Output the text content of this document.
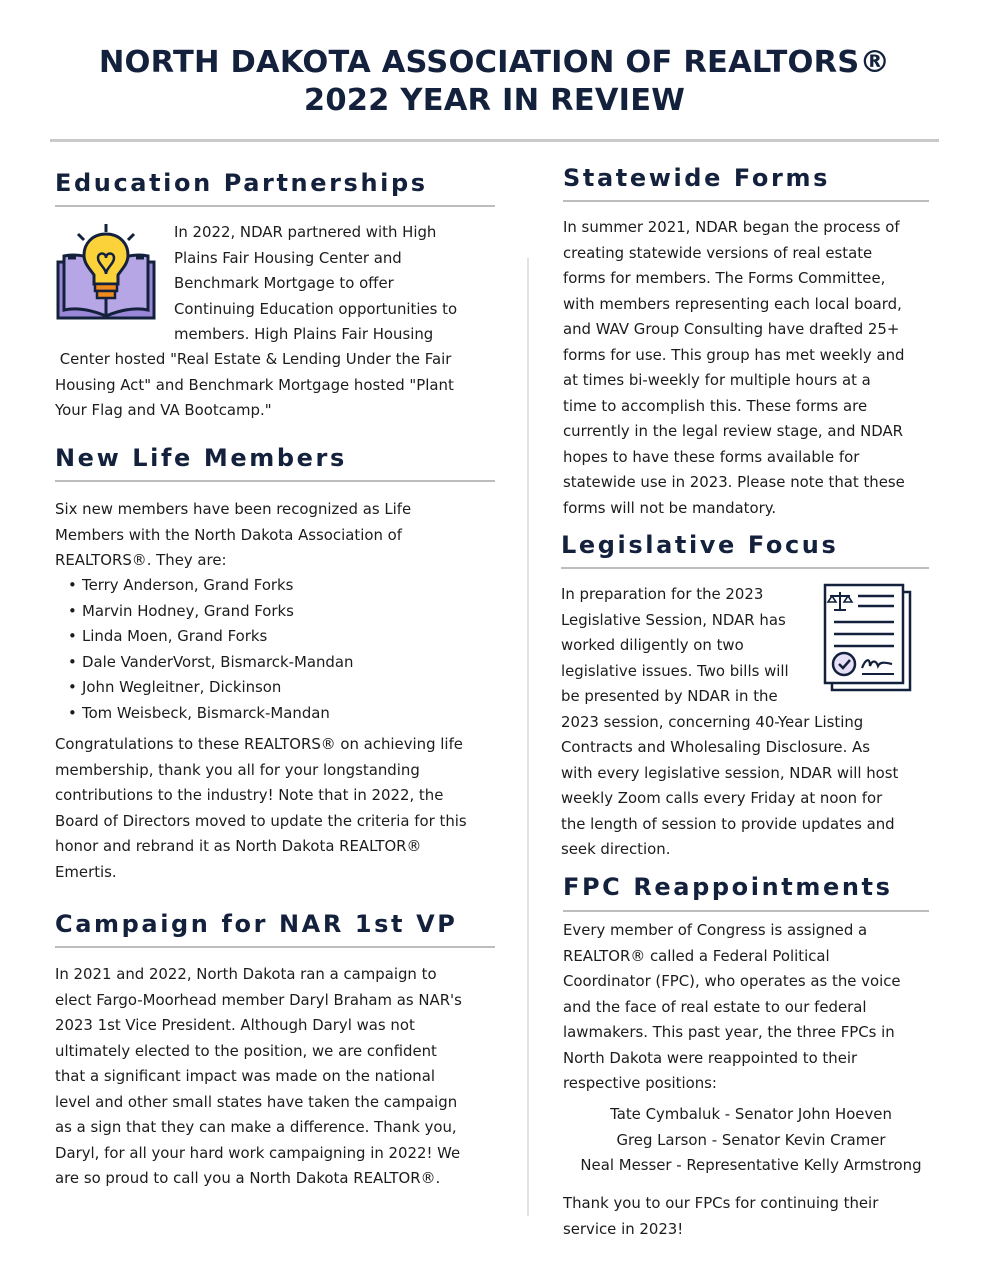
NORTH DAKOTA ASSOCIATION OF REALTORS®
2022 YEAR IN REVIEW
Education Partnerships
In 2022, NDAR partnered with High
Plains Fair Housing Center and
Benchmark Mortgage to offer
Continuing Education opportunities to
members. High Plains Fair Housing
Center hosted "Real Estate & Lending Under the Fair
Housing Act" and Benchmark Mortgage hosted "Plant
Your Flag and VA Bootcamp."
New Life Members
Six new members have been recognized as Life
Members with the North Dakota Association of
REALTORS®. They are:
• Terry Anderson, Grand Forks
• Marvin Hodney, Grand Forks
• Linda Moen, Grand Forks
• Dale VanderVorst, Bismarck-Mandan
• John Wegleitner, Dickinson
• Tom Weisbeck, Bismarck-Mandan
Congratulations to these REALTORS® on achieving life
membership, thank you all for your longstanding
contributions to the industry! Note that in 2022, the
Board of Directors moved to update the criteria for this
honor and rebrand it as North Dakota REALTOR®
Emertis.
Campaign for NAR 1st VP
In 2021 and 2022, North Dakota ran a campaign to
elect Fargo-Moorhead member Daryl Braham as NAR's
2023 1st Vice President. Although Daryl was not
ultimately elected to the position, we are confident
that a significant impact was made on the national
level and other small states have taken the campaign
as a sign that they can make a difference. Thank you,
Daryl, for all your hard work campaigning in 2022! We
are so proud to call you a North Dakota REALTOR®.
Statewide Forms
In summer 2021, NDAR began the process of
creating statewide versions of real estate
forms for members. The Forms Committee,
with members representing each local board,
and WAV Group Consulting have drafted 25+
forms for use. This group has met weekly and
at times bi-weekly for multiple hours at a
time to accomplish this. These forms are
currently in the legal review stage, and NDAR
hopes to have these forms available for
statewide use in 2023. Please note that these
forms will not be mandatory.
Legislative Focus
In preparation for the 2023
Legislative Session, NDAR has
worked diligently on two
legislative issues. Two bills will
be presented by NDAR in the
2023 session, concerning 40-Year Listing
Contracts and Wholesaling Disclosure. As
with every legislative session, NDAR will host
weekly Zoom calls every Friday at noon for
the length of session to provide updates and
seek direction.
FPC Reappointments
Every member of Congress is assigned a
REALTOR® called a Federal Political
Coordinator (FPC), who operates as the voice
and the face of real estate to our federal
lawmakers. This past year, the three FPCs in
North Dakota were reappointed to their
respective positions:
Tate Cymbaluk - Senator John Hoeven
Greg Larson - Senator Kevin Cramer
Neal Messer - Representative Kelly Armstrong
Thank you to our FPCs for continuing their
service in 2023!
